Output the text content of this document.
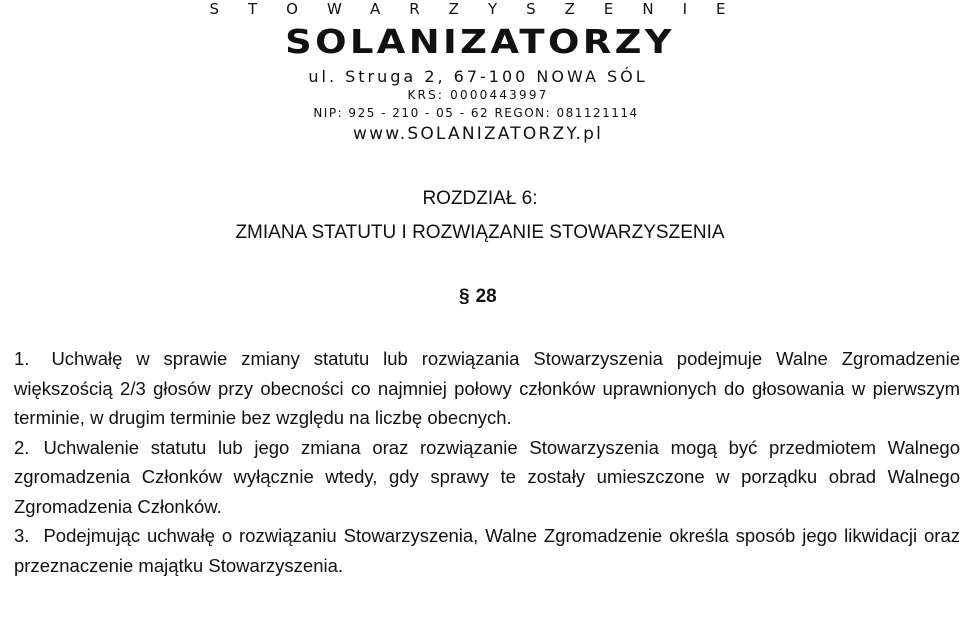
STOWARZYSZENIE
SOLANIZATORZY
ul. Struga 2, 67-100 NOWA SÓL
KRS: 0000443997
NIP: 925 - 210 - 05 - 62 REGON: 081121114
www.SOLANIZATORZY.pl
ROZDZIAŁ 6:
ZMIANA STATUTU I ROZWIĄZANIE STOWARZYSZENIA
§ 28
1. Uchwałę w sprawie zmiany statutu lub rozwiązania Stowarzyszenia podejmuje Walne Zgromadzenie większością 2/3 głosów przy obecności co najmniej połowy członków uprawnionych do głosowania w pierwszym terminie, w drugim terminie bez względu na liczbę obecnych.
2. Uchwalenie statutu lub jego zmiana oraz rozwiązanie Stowarzyszenia mogą być przedmiotem Walnego zgromadzenia Członków wyłącznie wtedy, gdy sprawy te zostały umieszczone w porządku obrad Walnego Zgromadzenia Członków.
3. Podejmując uchwałę o rozwiązaniu Stowarzyszenia, Walne Zgromadzenie określa sposób jego likwidacji oraz przeznaczenie majątku Stowarzyszenia.
